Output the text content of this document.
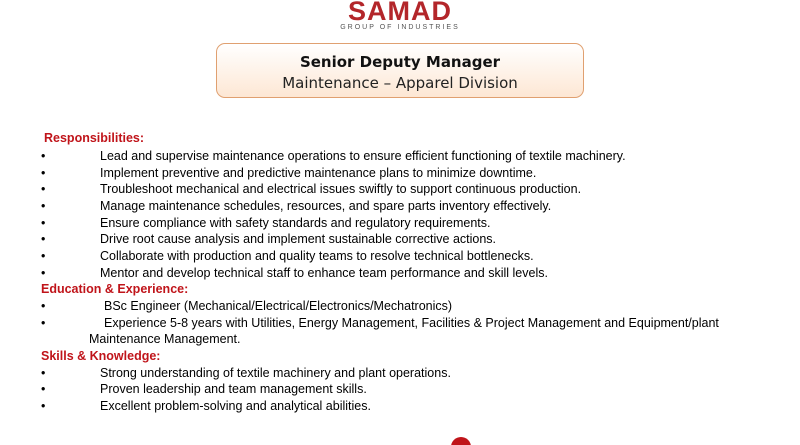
SAMAD
GROUP OF INDUSTRIES
Senior Deputy Manager
Maintenance – Apparel Division
Responsibilities:
•	Lead and supervise maintenance operations to ensure efficient functioning of textile machinery.
•	Implement preventive and predictive maintenance plans to minimize downtime.
•	Troubleshoot mechanical and electrical issues swiftly to support continuous production.
•	Manage maintenance schedules, resources, and spare parts inventory effectively.
•	Ensure compliance with safety standards and regulatory requirements.
•	Drive root cause analysis and implement sustainable corrective actions.
•	Collaborate with production and quality teams to resolve technical bottlenecks.
•	Mentor and develop technical staff to enhance team performance and skill levels.
Education & Experience:
•	BSc Engineer (Mechanical/Electrical/Electronics/Mechatronics)
•	Experience 5-8 years with Utilities, Energy Management, Facilities & Project Management and Equipment/plant
Maintenance Management.
Skills & Knowledge:
•	Strong understanding of textile machinery and plant operations.
•	Proven leadership and team management skills.
•	Excellent problem-solving and analytical abilities.
